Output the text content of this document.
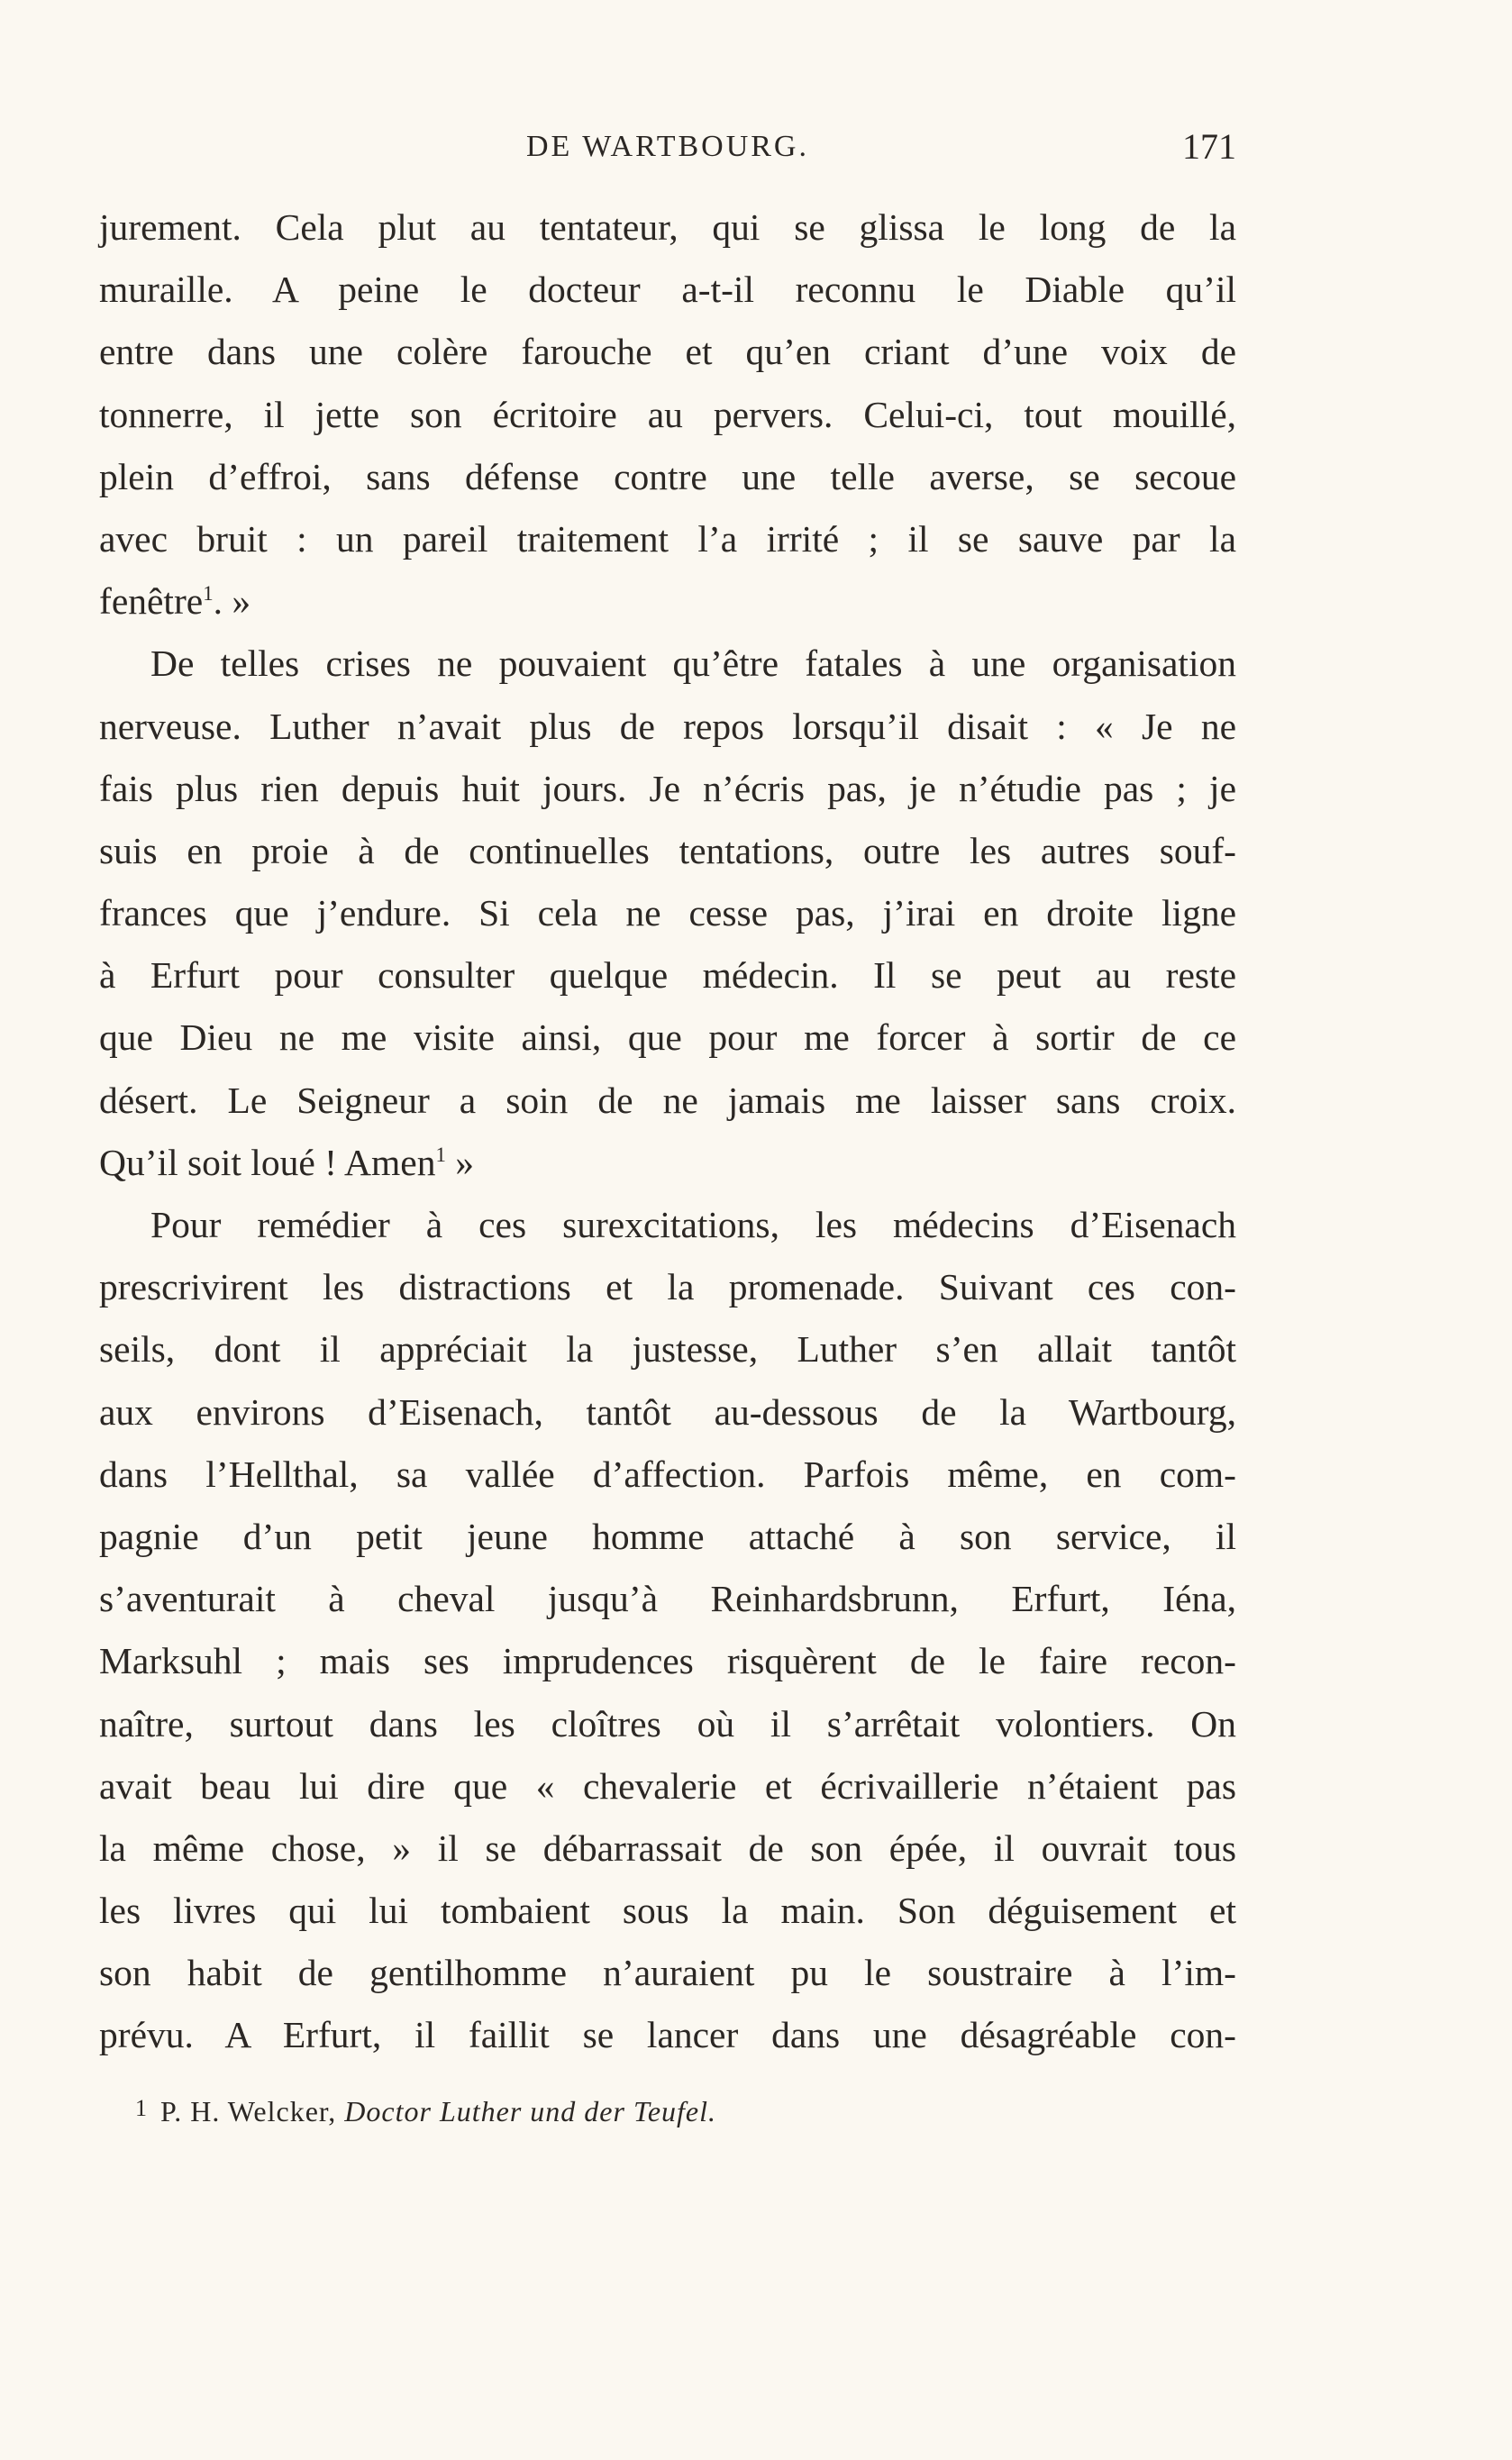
DE WARTBOURG.	171
jurement. Cela plut au tentateur, qui se glissa le long de la
muraille. A peine le docteur a-t-il reconnu le Diable qu’il
entre dans une colère farouche et qu’en criant d’une voix de
tonnerre, il jette son écritoire au pervers. Celui-ci, tout mouillé,
plein d’effroi, sans défense contre une telle averse, se secoue
avec bruit : un pareil traitement l’a irrité ; il se sauve par la
fenêtre$^1$. »
De telles crises ne pouvaient qu’être fatales à une organisation
nerveuse. Luther n’avait plus de repos lorsqu’il disait : « Je ne
fais plus rien depuis huit jours. Je n’écris pas, je n’étudie pas ; je
suis en proie à de continuelles tentations, outre les autres souf-
frances que j’endure. Si cela ne cesse pas, j’irai en droite ligne
à Erfurt pour consulter quelque médecin. Il se peut au reste
que Dieu ne me visite ainsi, que pour me forcer à sortir de ce
désert. Le Seigneur a soin de ne jamais me laisser sans croix.
Qu’il soit loué ! Amen$^1$ »
Pour remédier à ces surexcitations, les médecins d’Eisenach
prescrivirent les distractions et la promenade. Suivant ces con-
seils, dont il appréciait la justesse, Luther s’en allait tantôt
aux environs d’Eisenach, tantôt au-dessous de la Wartbourg,
dans l’Hellthal, sa vallée d’affection. Parfois même, en com-
pagnie d’un petit jeune homme attaché à son service, il
s’aventurait à cheval jusqu’à Reinhardsbrunn, Erfurt, Iéna,
Marksuhl ; mais ses imprudences risquèrent de le faire recon-
naître, surtout dans les cloîtres où il s’arrêtait volontiers. On
avait beau lui dire que « chevalerie et écrivaillerie n’étaient pas
la même chose, » il se débarrassait de son épée, il ouvrait tous
les livres qui lui tombaient sous la main. Son déguisement et
son habit de gentilhomme n’auraient pu le soustraire à l’im-
prévu. A Erfurt, il faillit se lancer dans une désagréable con-
1 P. H. Welcker, Doctor Luther und der Teufel.
